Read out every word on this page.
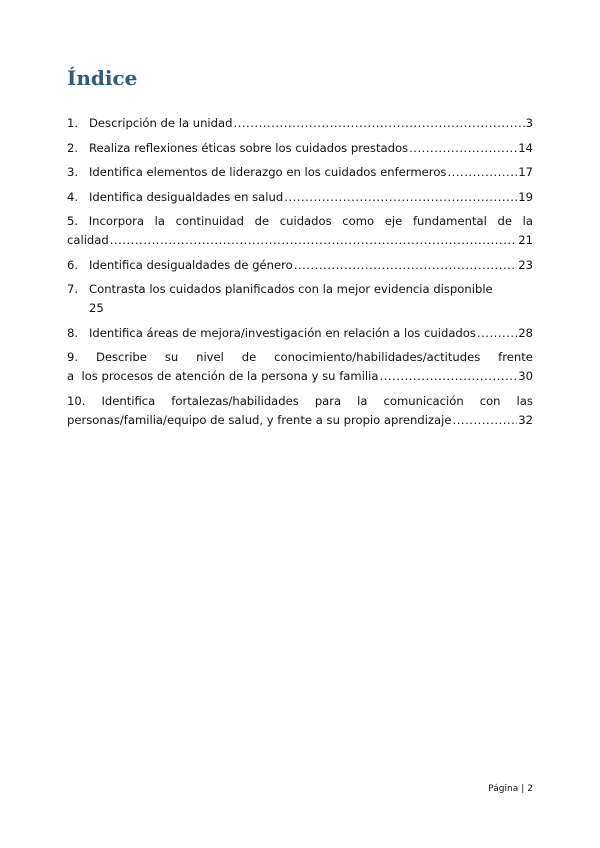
Índice
1. Descripción de la unidad .....	3
2. Realiza reflexiones éticas sobre los cuidados prestados .....	14
3. Identifica elementos de liderazgo en los cuidados enfermeros .....	17
4. Identifica desigualdades en salud .....	19
5. Incorpora la continuidad de cuidados como eje fundamental de la
calidad .....	21
6. Identifica desigualdades de género .....	23
7. Contrasta los cuidados planificados con la mejor evidencia disponible
25
8. Identifica áreas de mejora/investigación en relación a los cuidados .....	28
9. Describe su nivel de conocimiento/habilidades/actitudes frente
a  los procesos de atención de la persona y su familia .....	30
10. Identifica fortalezas/habilidades para la comunicación con las
personas/familia/equipo de salud, y frente a su propio aprendizaje .....	32
Página | 2
